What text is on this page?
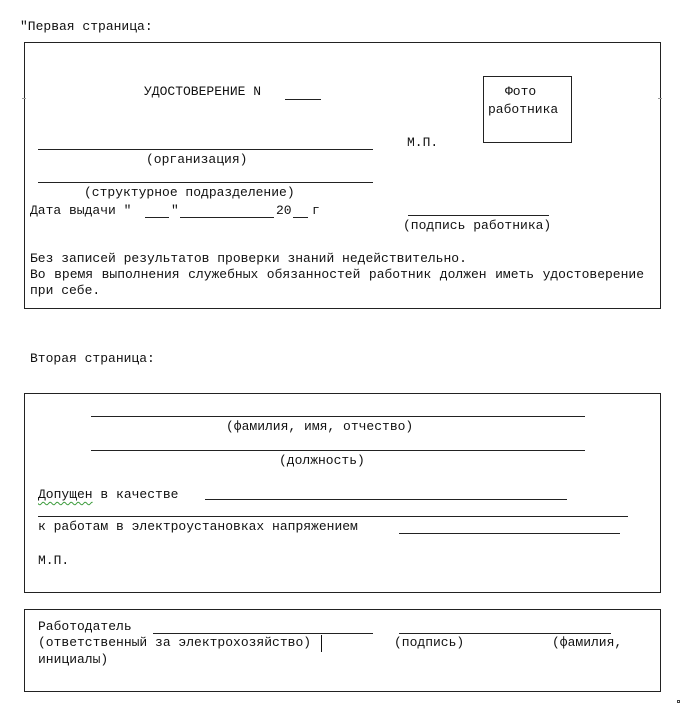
"Первая страница:
УДОСТОВЕРЕНИЕ N	Фото
работника
(организация)
М.П.
(структурное подразделение)
Дата выдачи "	"	20 г
(подпись работника)
Без записей результатов проверки знаний недействительно.
Во время выполнения служебных обязанностей работник должен иметь удостоверение при себе.
Вторая страница:
(фамилия, имя, отчество)
(должность)
Допущен в качестве
к работам в электроустановках напряжением
М.П.
Работодатель
(ответственный за электрохозяйство)	(подпись)	(фамилия,
инициалы)
